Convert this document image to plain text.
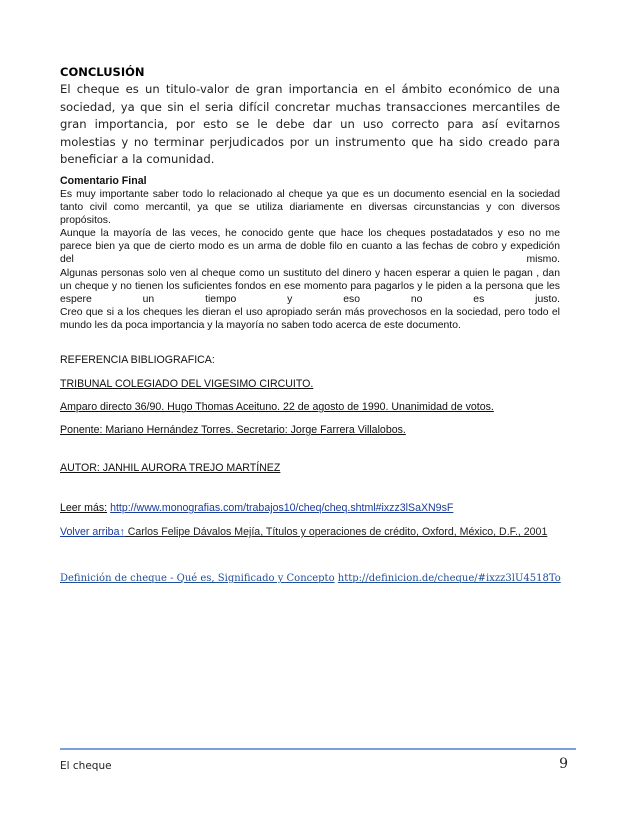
CONCLUSIÓN

El cheque es un titulo-valor de gran importancia en el ámbito económico de una sociedad, ya que sin el seria difícil concretar muchas transacciones mercantiles de gran importancia, por esto se le debe dar un uso correcto para así evitarnos molestias y no terminar perjudicados por un instrumento que ha sido creado para beneficiar a la comunidad.

Comentario Final

Es muy importante saber todo lo relacionado al cheque ya que es un documento esencial en la sociedad tanto civil como mercantil, ya que se utiliza diariamente en diversas circunstancias y con diversos propósitos.

Aunque la mayoría de las veces, he conocido gente que hace los cheques postadatados y eso no me parece bien ya que de cierto modo es un arma de doble filo en cuanto a las fechas de cobro y expedición del mismo.

Algunas personas solo ven al cheque como un sustituto del dinero y hacen esperar a quien le pagan , dan un cheque y no tienen los suficientes fondos en ese momento para pagarlos y le piden a la persona que les espere un tiempo y eso no es justo.

Creo que si a los cheques les dieran el uso apropiado serán más provechosos en la sociedad, pero todo el mundo les da poca importancia y la mayoría no saben todo acerca de este documento.

REFERENCIA BIBLIOGRAFICA:
TRIBUNAL COLEGIADO DEL VIGESIMO CIRCUITO.
Amparo directo 36/90. Hugo Thomas Aceituno. 22 de agosto de 1990. Unanimidad de votos.
Ponente: Mariano Hernández Torres. Secretario: Jorge Farrera Villalobos.
AUTOR: JANHIL AURORA TREJO MARTÍNEZ
Leer más: http://www.monografias.com/trabajos10/cheq/cheq.shtml#ixzz3lSaXN9sF
Volver arriba↑ Carlos Felipe Dávalos Mejía, Títulos y operaciones de crédito, Oxford, México, D.F., 2001
Definición de cheque - Qué es, Significado y Concepto http://definicion.de/cheque/#ixzz3lU4518To
El cheque	9
